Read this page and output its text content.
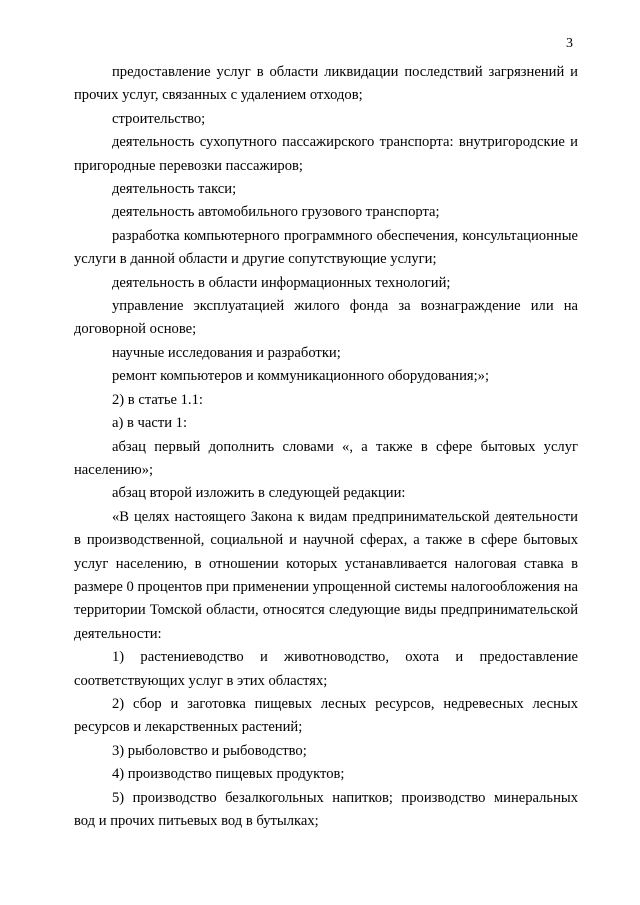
3

предоставление услуг в области ликвидации последствий загрязнений и прочих услуг, связанных с удалением отходов;

строительство;

деятельность сухопутного пассажирского транспорта: внутригородские и пригородные перевозки пассажиров;

деятельность такси;

деятельность автомобильного грузового транспорта;

разработка компьютерного программного обеспечения, консультационные услуги в данной области и другие сопутствующие услуги;

деятельность в области информационных технологий;

управление эксплуатацией жилого фонда за вознаграждение или на договорной основе;

научные исследования и разработки;

ремонт компьютеров и коммуникационного оборудования;»;

2) в статье 1.1:

а) в части 1:

абзац первый дополнить словами «, а также в сфере бытовых услуг населению»;

абзац второй изложить в следующей редакции:

«В целях настоящего Закона к видам предпринимательской деятельности в производственной, социальной и научной сферах, а также в сфере бытовых услуг населению, в отношении которых устанавливается налоговая ставка в размере 0 процентов при применении упрощенной системы налогообложения на территории Томской области, относятся следующие виды предпринимательской деятельности:

1) растениеводство и животноводство, охота и предоставление соответствующих услуг в этих областях;

2) сбор и заготовка пищевых лесных ресурсов, недревесных лесных ресурсов и лекарственных растений;

3) рыболовство и рыбоводство;

4) производство пищевых продуктов;

5) производство безалкогольных напитков; производство минеральных вод и прочих питьевых вод в бутылках;
